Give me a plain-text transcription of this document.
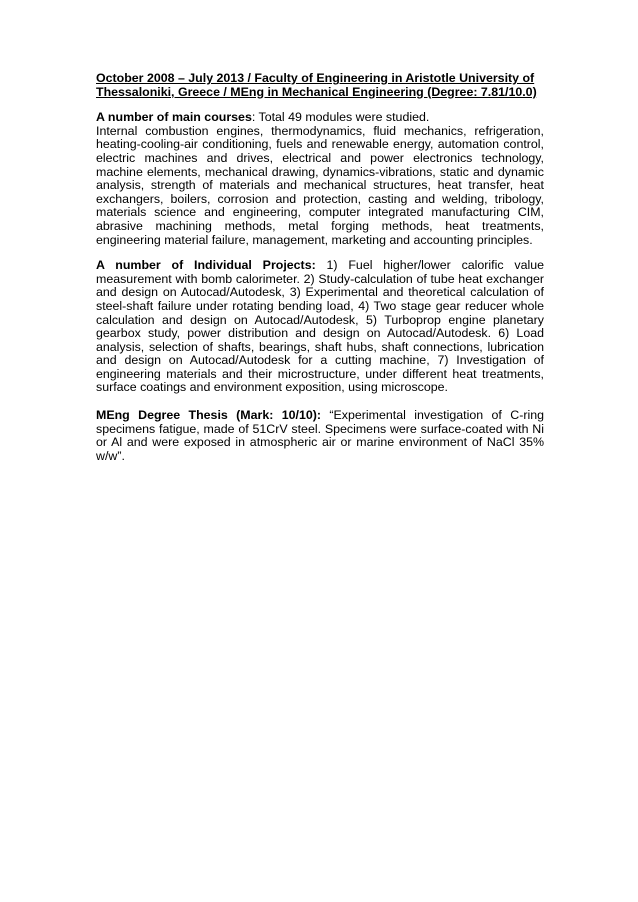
October 2008 – July 2013 / Faculty of Engineering in Aristotle University of
Thessaloniki, Greece / MEng in Mechanical Engineering (Degree: 7.81/10.0)
A number of main courses: Total 49 modules were studied.
Internal combustion engines, thermodynamics, fluid mechanics, refrigeration, heating-cooling-air conditioning, fuels and renewable energy, automation control, electric machines and drives, electrical and power electronics technology, machine elements, mechanical drawing, dynamics-vibrations, static and dynamic analysis, strength of materials and mechanical structures, heat transfer, heat exchangers, boilers, corrosion and protection, casting and welding, tribology, materials science and engineering, computer integrated manufacturing CIM, abrasive machining methods, metal forging methods, heat treatments, engineering material failure, management, marketing and accounting principles.
A number of Individual Projects: 1) Fuel higher/lower calorific value measurement with bomb calorimeter. 2) Study-calculation of tube heat exchanger and design on Autocad/Autodesk, 3) Experimental and theoretical calculation of steel-shaft failure under rotating bending load, 4) Two stage gear reducer whole calculation and design on Autocad/Autodesk, 5) Turboprop engine planetary gearbox study, power distribution and design on Autocad/Autodesk. 6) Load analysis, selection of shafts, bearings, shaft hubs, shaft connections, lubrication and design on Autocad/Autodesk for a cutting machine, 7) Investigation of engineering materials and their microstructure, under different heat treatments, surface coatings and environment exposition, using microscope.
MEng Degree Thesis (Mark: 10/10): “Experimental investigation of C-ring specimens fatigue, made of 51CrV steel. Specimens were surface-coated with Ni or Al and were exposed in atmospheric air or marine environment of NaCl 35% w/w”.
